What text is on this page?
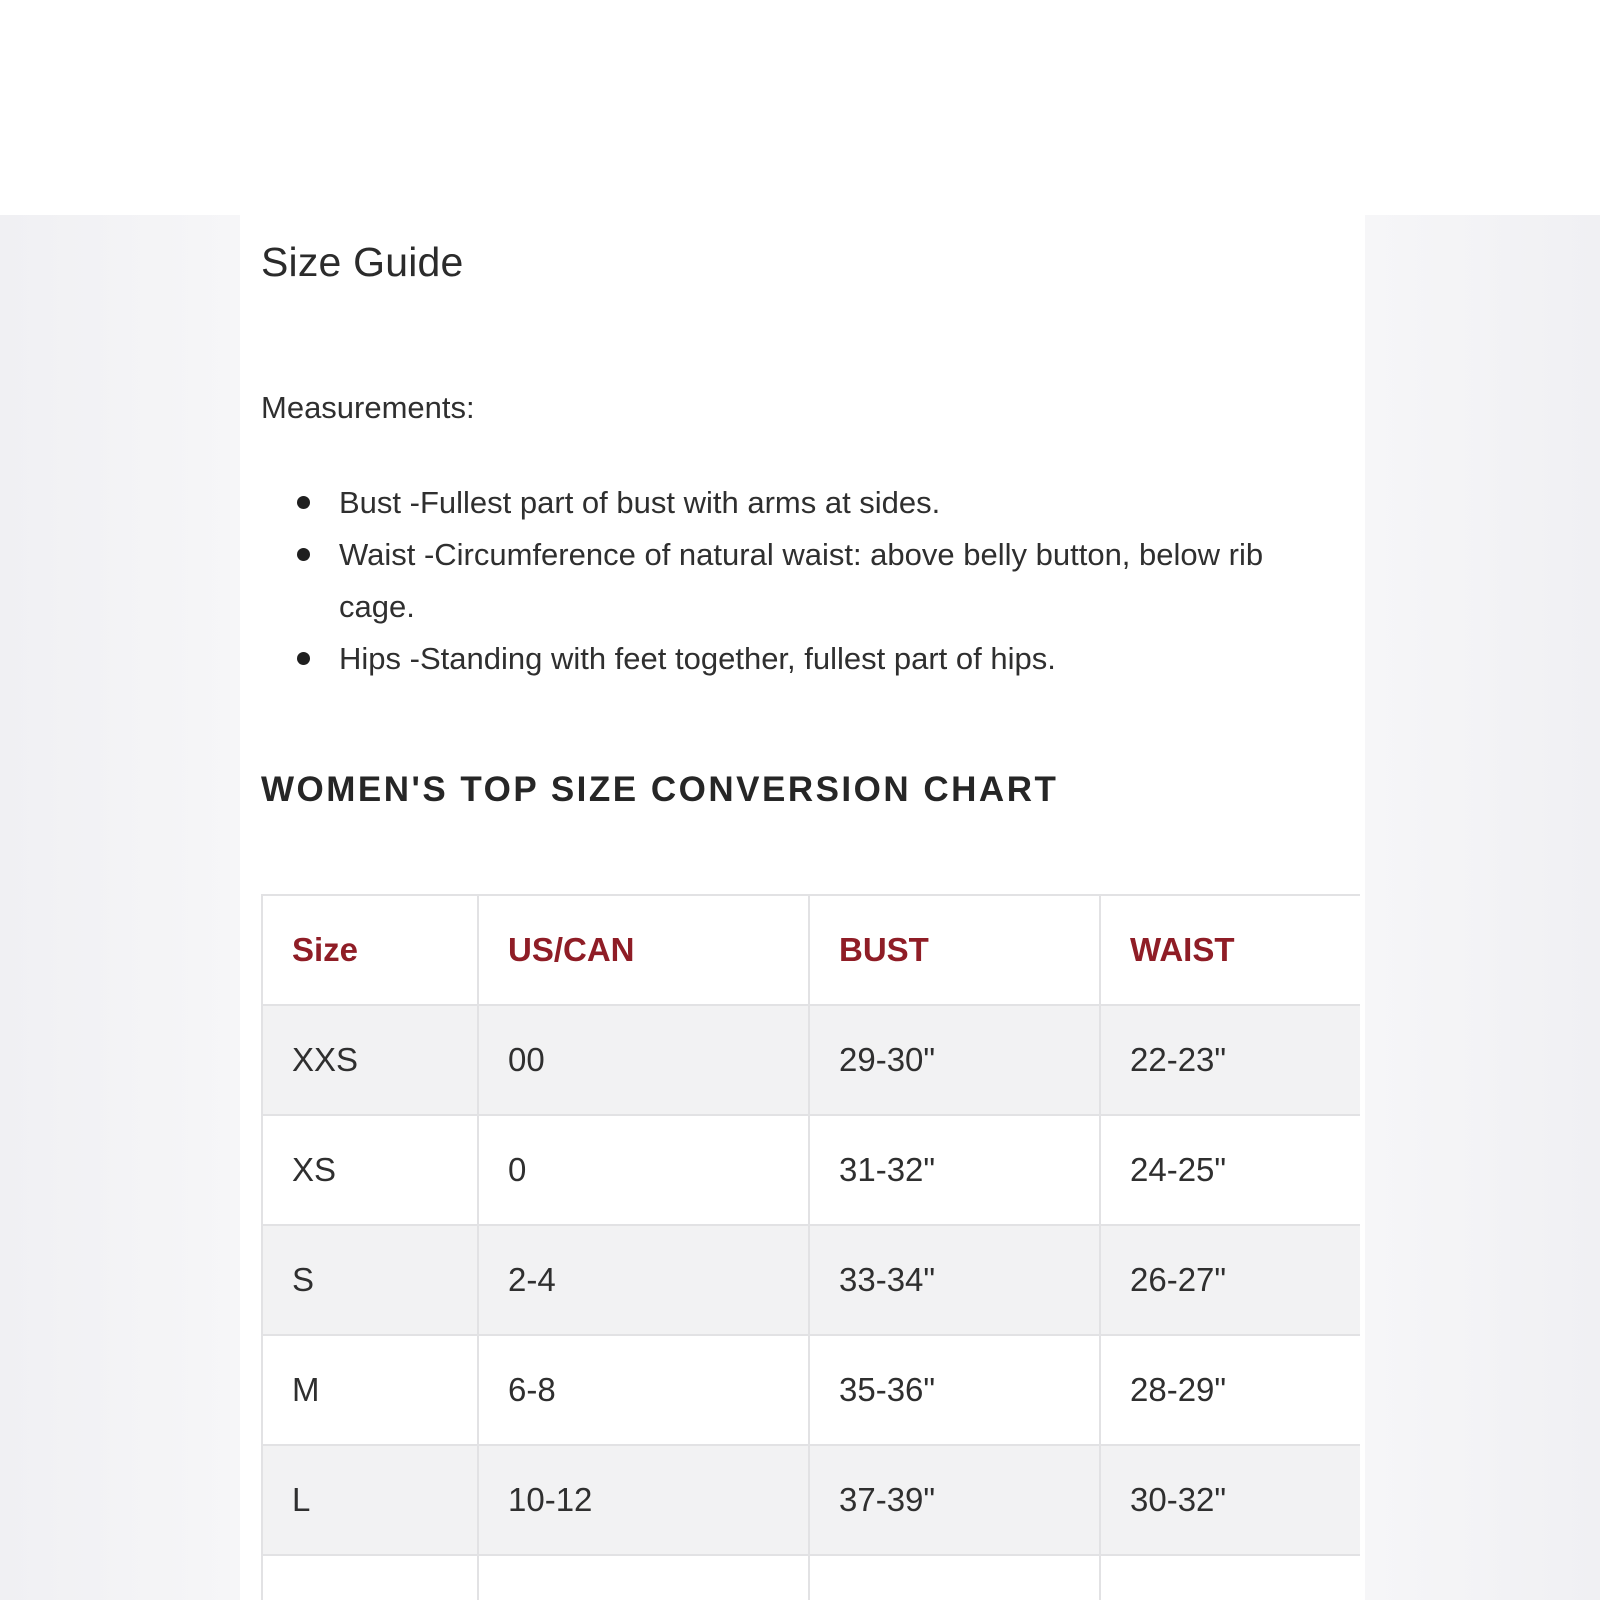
Size Guide
Measurements:
Bust -Fullest part of bust with arms at sides.
Waist -Circumference of natural waist: above belly button, below rib
cage.
Hips -Standing with feet together, fullest part of hips.
WOMEN'S TOP SIZE CONVERSION CHART
Size	US/CAN	BUST	WAIST
XXS	00	29-30"	22-23"
XS	0	31-32"	24-25"
S	2-4	33-34"	26-27"
M	6-8	35-36"	28-29"
L	10-12	37-39"	30-32"
